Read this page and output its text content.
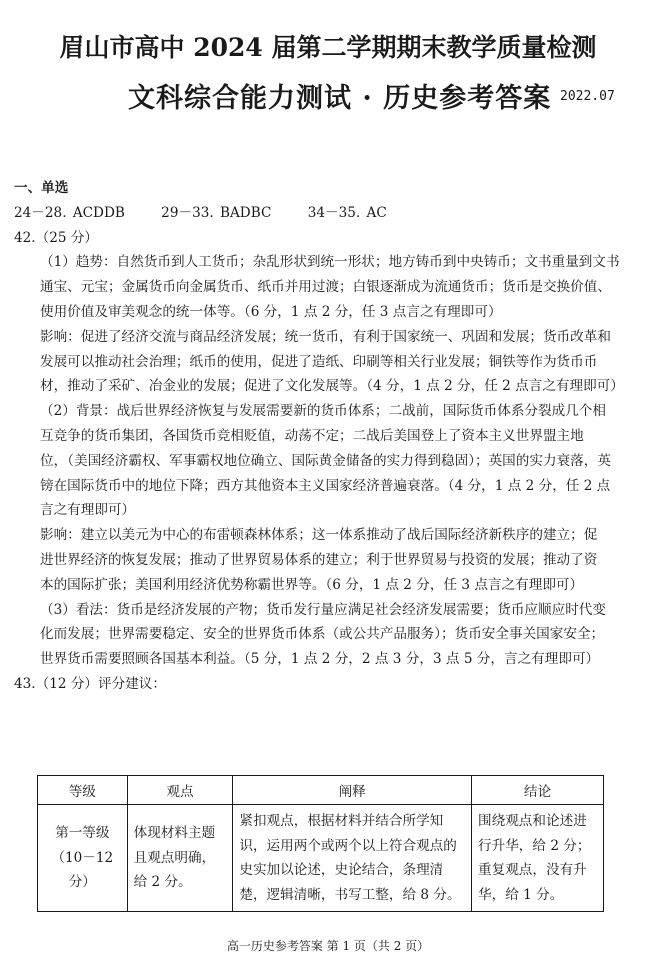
眉山市高中 2024 届第二学期期末教学质量检测
文科综合能力测试 · 历史参考答案 2022.07
一、单选
24－28. ACDDB	29－33. BADBC	34－35. AC
42.（25 分）
（1）趋势：自然货币到人工货币；杂乱形状到统一形状；地方铸币到中央铸币；文书重量到文书
通宝、元宝；金属货币向金属货币、纸币并用过渡；白银逐渐成为流通货币；货币是交换价值、
使用价值及审美观念的统一体等。（6 分，1 点 2 分，任 3 点言之有理即可）
影响：促进了经济交流与商品经济发展；统一货币，有利于国家统一、巩固和发展；货币改革和
发展可以推动社会治理；纸币的使用，促进了造纸、印刷等相关行业发展；铜铁等作为货币币
材，推动了采矿、冶金业的发展；促进了文化发展等。（4 分，1 点 2 分，任 2 点言之有理即可）
（2）背景：战后世界经济恢复与发展需要新的货币体系；二战前，国际货币体系分裂成几个相
互竞争的货币集团，各国货币竞相贬值，动荡不定；二战后美国登上了资本主义世界盟主地
位，（美国经济霸权、军事霸权地位确立、国际黄金储备的实力得到稳固）；英国的实力衰落，英
镑在国际货币中的地位下降；西方其他资本主义国家经济普遍衰落。（4 分，1 点 2 分，任 2 点
言之有理即可）
影响：建立以美元为中心的布雷顿森林体系；这一体系推动了战后国际经济新秩序的建立；促
进世界经济的恢复发展；推动了世界贸易体系的建立；利于世界贸易与投资的发展；推动了资
本的国际扩张；美国利用经济优势称霸世界等。（6 分，1 点 2 分，任 3 点言之有理即可）
（3）看法：货币是经济发展的产物；货币发行量应满足社会经济发展需要；货币应顺应时代变
化而发展；世界需要稳定、安全的世界货币体系（或公共产品服务）；货币安全事关国家安全；
世界货币需要照顾各国基本利益。（5 分，1 点 2 分，2 点 3 分，3 点 5 分，言之有理即可）
43.（12 分）评分建议：
等级	观点	阐释	结论
第一等级（10－12 分）	体现材料主题且观点明确，给 2 分。	紧扣观点，根据材料并结合所学知识，运用两个或两个以上符合观点的史实加以论述，史论结合，条理清楚，逻辑清晰，书写工整，给 8 分。	围绕观点和论述进行升华，给 2 分；重复观点，没有升华，给 1 分。
高一历史参考答案 第 1 页（共 2 页）
